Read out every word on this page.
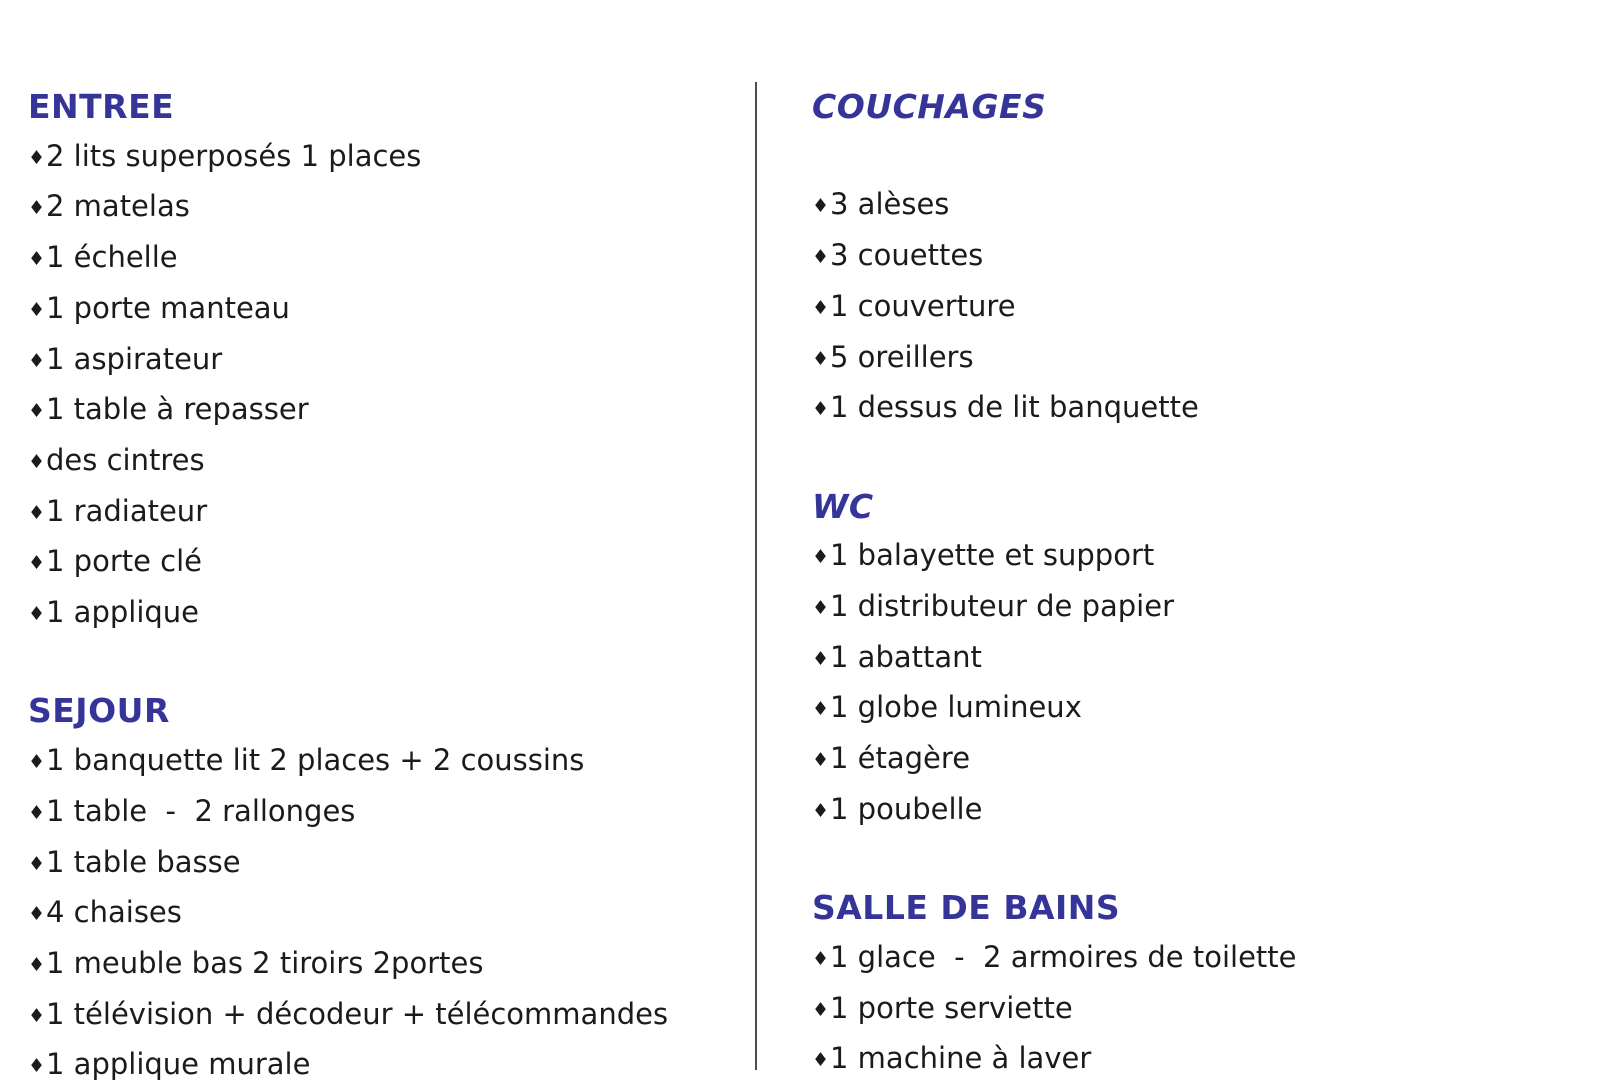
ENTREE
♦2 lits superposés 1 places
♦2 matelas
♦1 échelle
♦1 porte manteau
♦1 aspirateur
♦1 table à repasser
♦des cintres
♦1 radiateur
♦1 porte clé
♦1 applique
SEJOUR
♦1 banquette lit 2 places + 2 coussins
♦1 table  -  2 rallonges
♦1 table basse
♦4 chaises
♦1 meuble bas 2 tiroirs 2portes
♦1 télévision + décodeur + télécommandes
♦1 applique murale
COUCHAGES
♦3 alèses
♦3 couettes
♦1 couverture
♦5 oreillers
♦1 dessus de lit banquette
WC
♦1 balayette et support
♦1 distributeur de papier
♦1 abattant
♦1 globe lumineux
♦1 étagère
♦1 poubelle
SALLE DE BAINS
♦1 glace  -  2 armoires de toilette
♦1 porte serviette
♦1 machine à laver
